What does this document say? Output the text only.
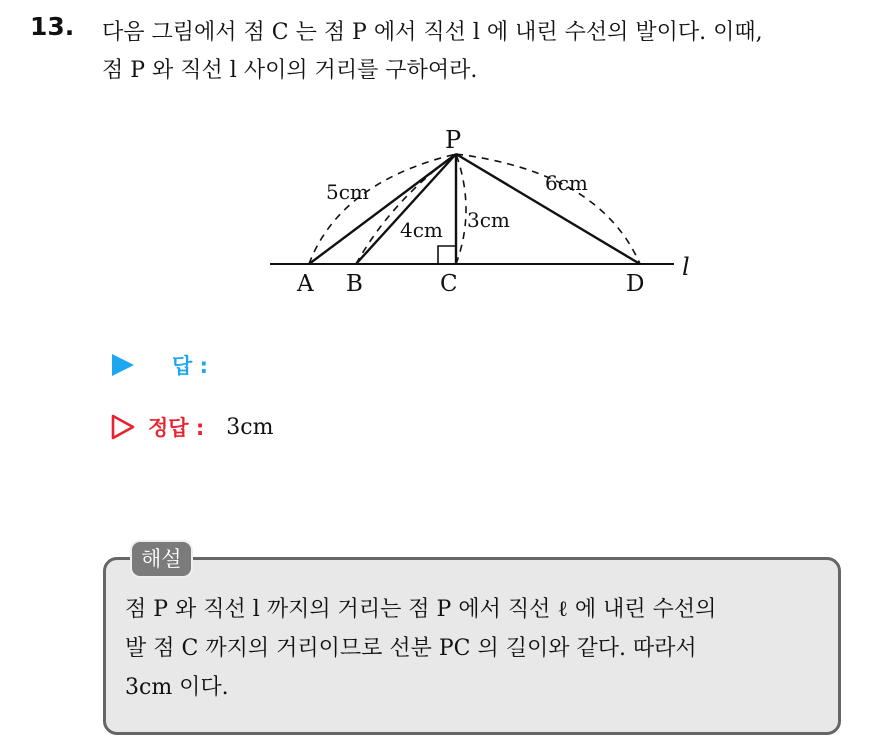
13. 다음 그림에서 점 C 는 점 P 에서 직선 l 에 내린 수선의 발이다. 이때,

점 P 와 직선 l 사이의 거리를 구하여라.

P
A B	C	D
l
5cm
4cm 3cm
6cm
답 :
정답 : 3cm
해설

점 P 와 직선 l 까지의 거리는 점 P 에서 직선 ℓ 에 내린 수선의

발 점 C 까지의 거리이므로 선분 PC 의 길이와 같다. 따라서

3cm 이다.
